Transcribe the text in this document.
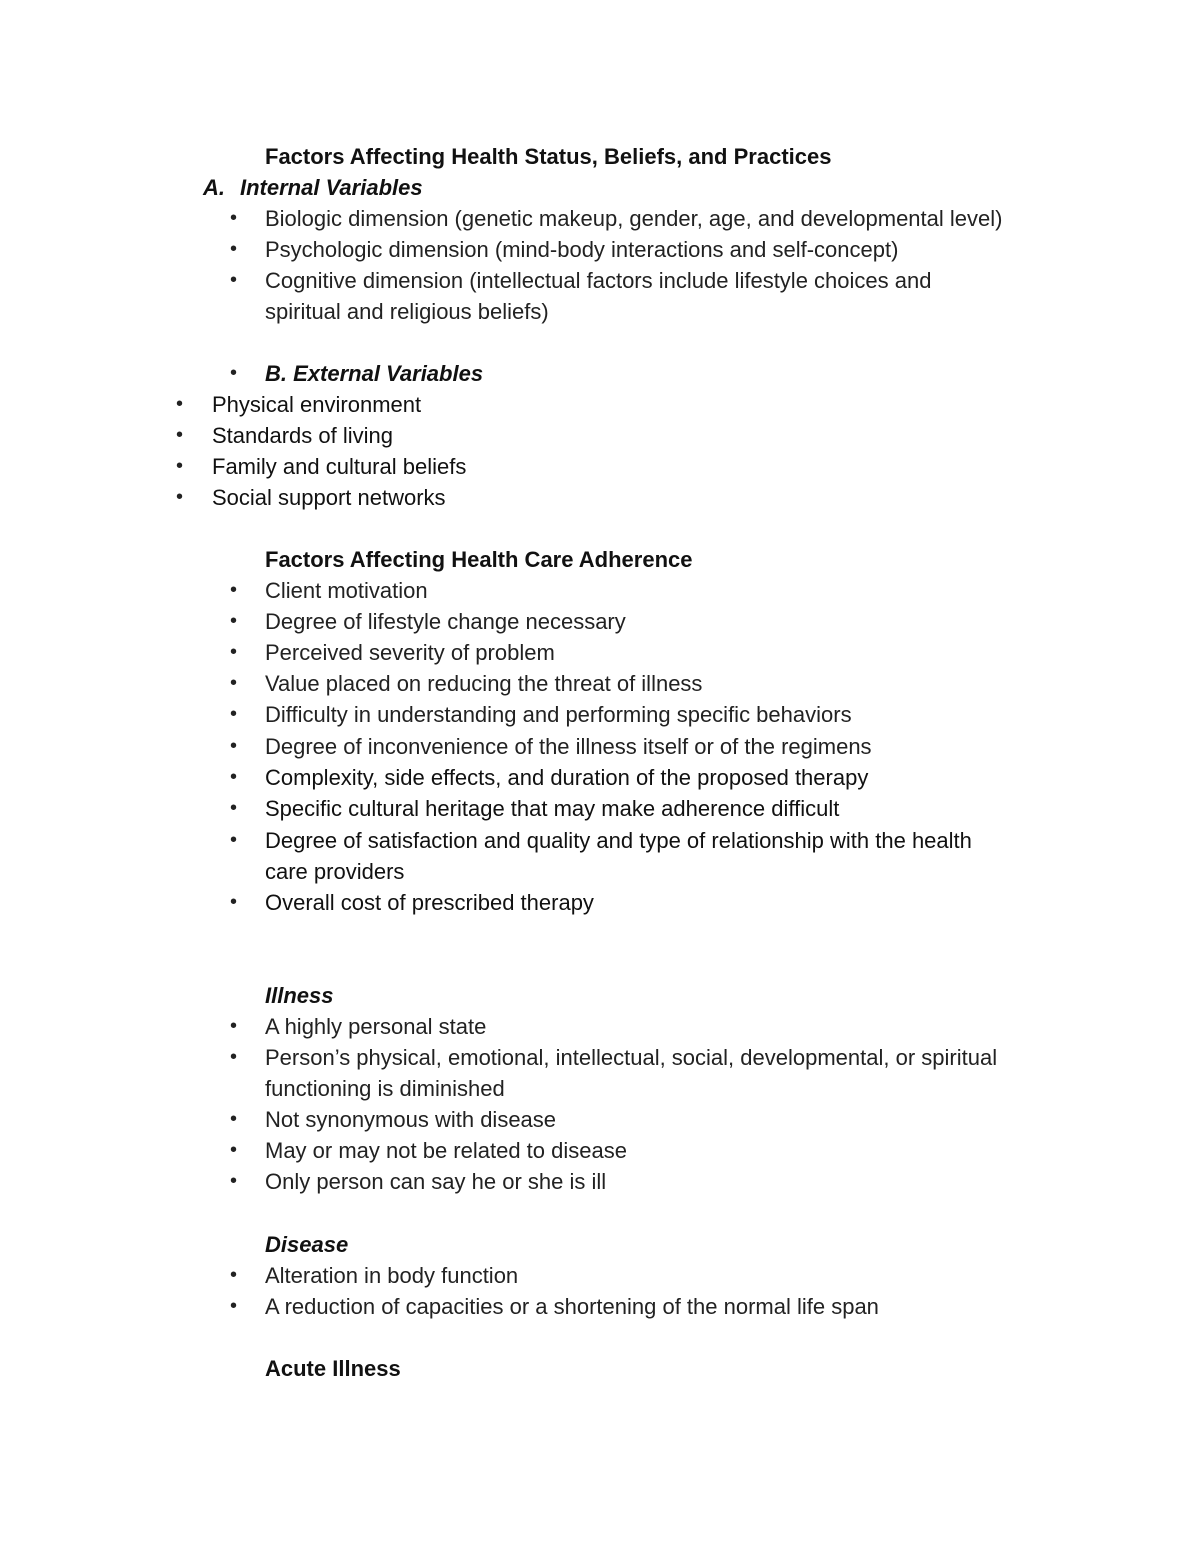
Factors Affecting Health Status, Beliefs, and Practices
A. Internal Variables
• Biologic dimension (genetic makeup, gender, age, and developmental level)
• Psychologic dimension (mind-body interactions and self-concept)
• Cognitive dimension (intellectual factors include lifestyle choices and
spiritual and religious beliefs)
• B. External Variables
• Physical environment
• Standards of living
• Family and cultural beliefs
• Social support networks
Factors Affecting Health Care Adherence
• Client motivation
• Degree of lifestyle change necessary
• Perceived severity of problem
• Value placed on reducing the threat of illness
• Difficulty in understanding and performing specific behaviors
• Degree of inconvenience of the illness itself or of the regimens
• Complexity, side effects, and duration of the proposed therapy
• Specific cultural heritage that may make adherence difficult
• Degree of satisfaction and quality and type of relationship with the health
care providers
• Overall cost of prescribed therapy
Illness
• A highly personal state
• Person’s physical, emotional, intellectual, social, developmental, or spiritual
functioning is diminished
• Not synonymous with disease
• May or may not be related to disease
• Only person can say he or she is ill
Disease
• Alteration in body function
• A reduction of capacities or a shortening of the normal life span
Acute Illness
